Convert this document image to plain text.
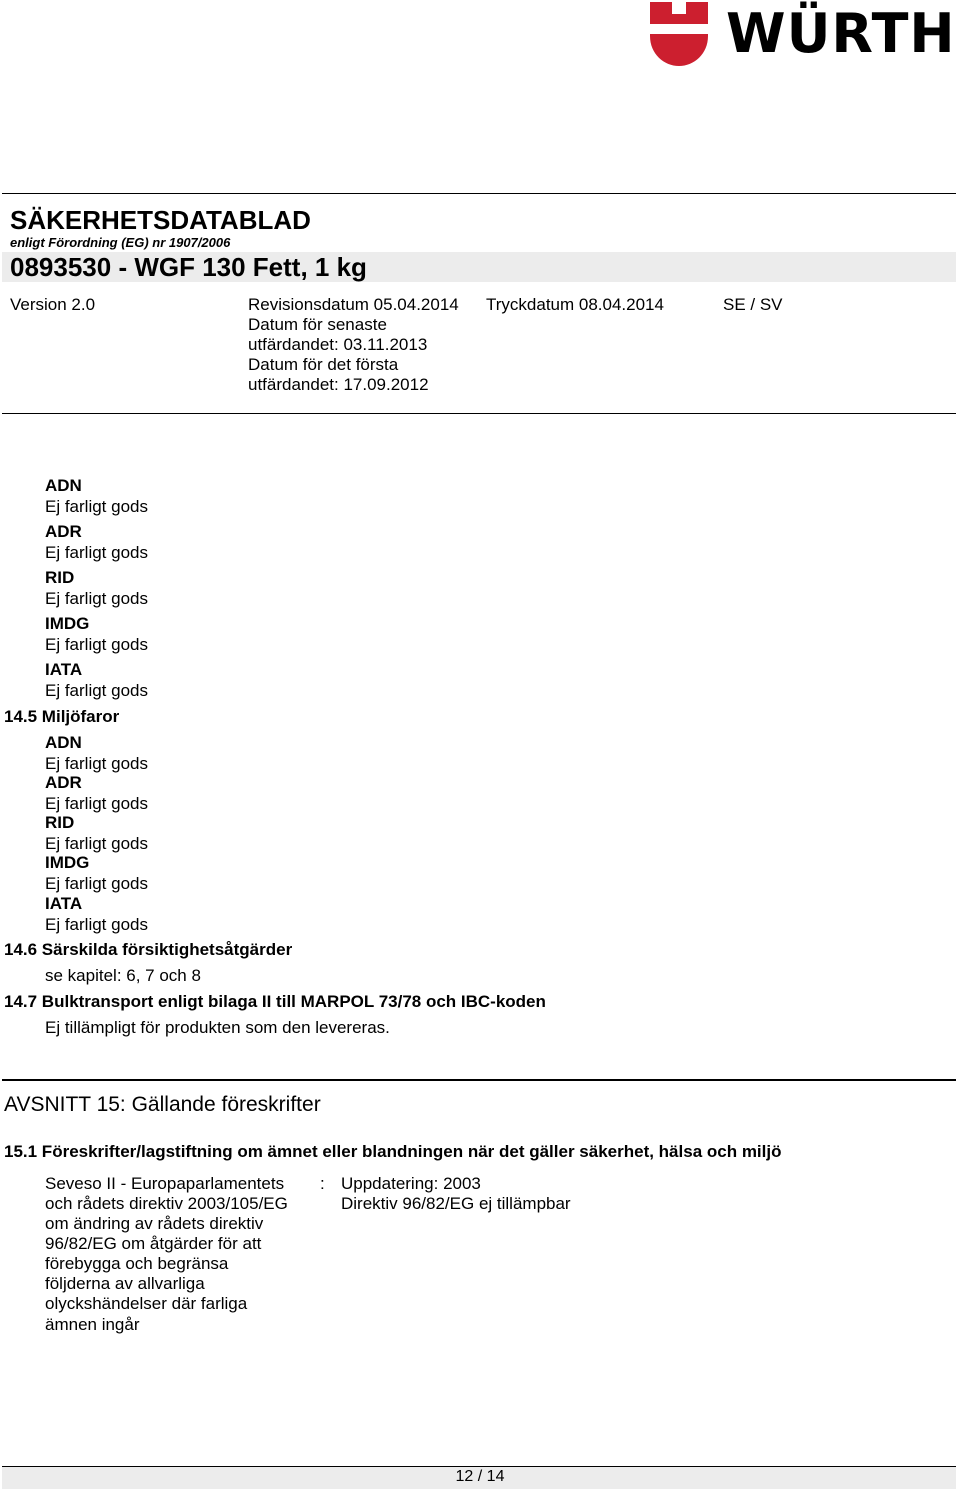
WÜRTH
SÄKERHETSDATABLAD
enligt Förordning (EG) nr 1907/2006
0893530 - WGF 130 Fett, 1 kg
Version 2.0	Revisionsdatum 05.04.2014
Datum för senaste
utfärdandet: 03.11.2013
Datum för det första
utfärdandet: 17.09.2012
Tryckdatum 08.04.2014	SE / SV
ADN
Ej farligt gods
ADR
Ej farligt gods
RID
Ej farligt gods
IMDG
Ej farligt gods
IATA
Ej farligt gods
14.5 Miljöfaror
ADN
Ej farligt gods
ADR
Ej farligt gods
RID
Ej farligt gods
IMDG
Ej farligt gods
IATA
Ej farligt gods
14.6 Särskilda försiktighetsåtgärder
se kapitel: 6, 7 och 8
14.7 Bulktransport enligt bilaga II till MARPOL 73/78 och IBC-koden
Ej tillämpligt för produkten som den levereras.
AVSNITT 15: Gällande föreskrifter
15.1 Föreskrifter/lagstiftning om ämnet eller blandningen när det gäller säkerhet, hälsa och miljö
Seveso II - Europaparlamentets
och rådets direktiv 2003/105/EG
om ändring av rådets direktiv
96/82/EG om åtgärder för att
förebygga och begränsa
följderna av allvarliga
olyckshändelser där farliga
ämnen ingår
: Uppdatering: 2003
Direktiv 96/82/EG ej tillämpbar
12 / 14
